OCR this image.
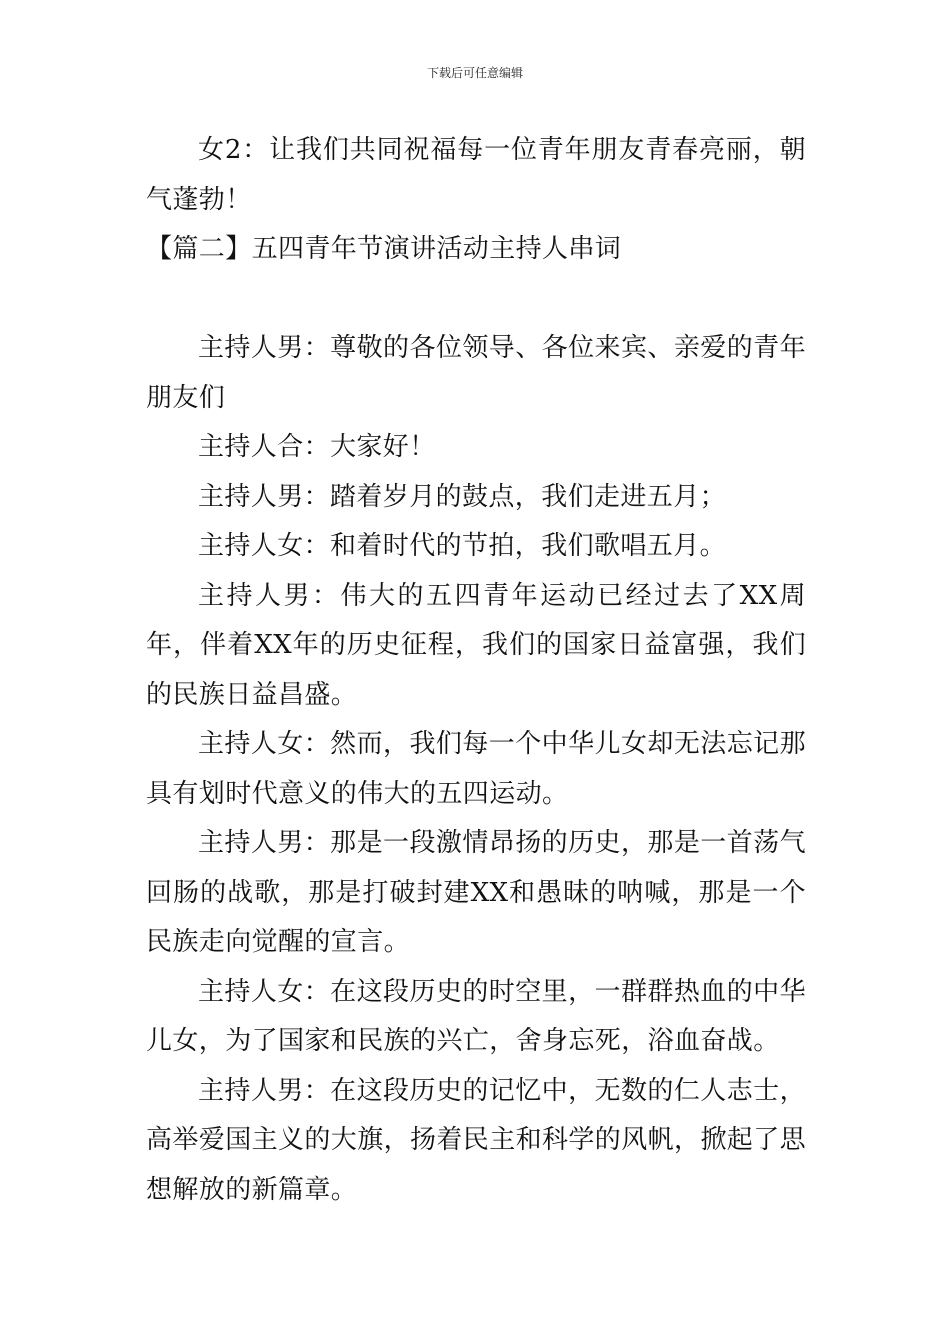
下载后可任意编辑

女2：让我们共同祝福每一位青年朋友青春亮丽，朝气蓬勃！

【篇二】五四青年节演讲活动主持人串词

主持人男：尊敬的各位领导、各位来宾、亲爱的青年朋友们

主持人合：大家好！

主持人男：踏着岁月的鼓点，我们走进五月；

主持人女：和着时代的节拍，我们歌唱五月。

主持人男：伟大的五四青年运动已经过去了XX周年，伴着XX年的历史征程，我们的国家日益富强，我们的民族日益昌盛。

主持人女：然而，我们每一个中华儿女却无法忘记那具有划时代意义的伟大的五四运动。

主持人男：那是一段激情昂扬的历史，那是一首荡气回肠的战歌，那是打破封建XX和愚昧的呐喊，那是一个民族走向觉醒的宣言。

主持人女：在这段历史的时空里，一群群热血的中华儿女，为了国家和民族的兴亡，舍身忘死，浴血奋战。

主持人男：在这段历史的记忆中，无数的仁人志士，高举爱国主义的大旗，扬着民主和科学的风帆，掀起了思想解放的新篇章。
